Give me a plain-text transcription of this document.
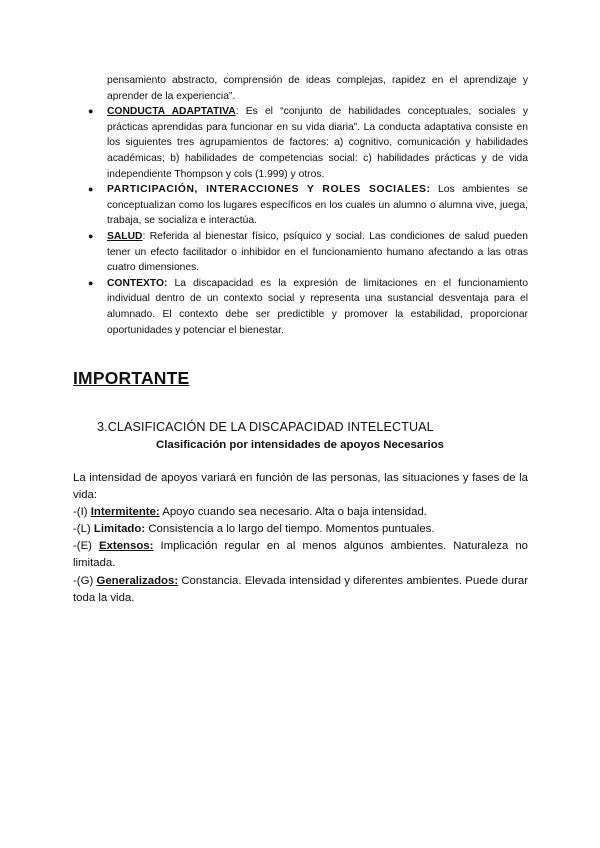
pensamiento abstracto, comprensión de ideas complejas, rapidez en el aprendizaje y aprender de la experiencia”.
● CONDUCTA ADAPTATIVA: Es el “conjunto de habilidades conceptuales, sociales y prácticas aprendidas para funcionar en su vida diaria”. La conducta adaptativa consiste en los siguientes tres agrupamientos de factores: a) cognitivo, comunicación y habilidades académicas; b) habilidades de competencias social: c) habilidades prácticas y de vida independiente Thompson y cols (1.999) y otros.
● PARTICIPACIÓN, INTERACCIONES Y ROLES SOCIALES: Los ambientes se conceptualizan como los lugares específicos en los cuales un alumno o alumna vive, juega, trabaja, se socializa e interactúa.
● SALUD: Referida al bienestar físico, psíquico y social. Las condiciones de salud pueden tener un efecto facilitador o inhibidor en el funcionamiento humano afectando a las otras cuatro dimensiones.
● CONTEXTO: La discapacidad es la expresión de limitaciones en el funcionamiento individual dentro de un contexto social y representa una sustancial desventaja para el alumnado. El contexto debe ser predictible y promover la estabilidad, proporcionar oportunidades y potenciar el bienestar.
IMPORTANTE
3.CLASIFICACIÓN DE LA DISCAPACIDAD INTELECTUAL
Clasificación por intensidades de apoyos Necesarios

La intensidad de apoyos variará en función de las personas, las situaciones y fases de la vida:

-(I) Intermitente: Apoyo cuando sea necesario. Alta o baja intensidad.

-(L) Limitado: Consistencia a lo largo del tiempo. Momentos puntuales.

-(E) Extensos: Implicación regular en al menos algunos ambientes. Naturaleza no limitada.

-(G) Generalizados: Constancia. Elevada intensidad y diferentes ambientes. Puede durar toda la vida.
